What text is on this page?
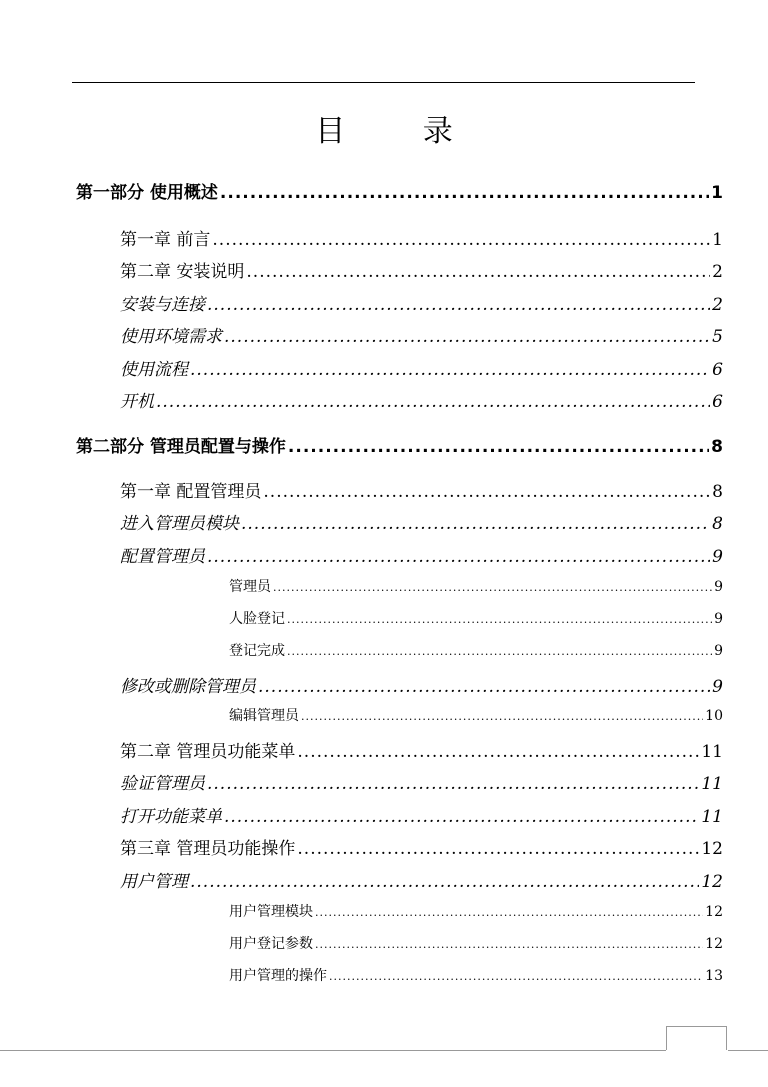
目 录
第一部分 使用概述 .....	1
第一章 前言 .....	1
第二章 安装说明 .....	2
安装与连接 .....	2
使用环境需求 .....	5
使用流程 .....	6
开机 .....	6
第二部分 管理员配置与操作 .....	8
第一章 配置管理员 .....	8
进入管理员模块 .....	8
配置管理员 .....	9
管理员 .....	9
人脸登记 .....	9
登记完成 .....	9
修改或删除管理员 .....	9
编辑管理员 .....	10
第二章 管理员功能菜单 .....	11
验证管理员 .....	11
打开功能菜单 .....	11
第三章 管理员功能操作 .....	12
用户管理 .....	12
用户管理模块 .....	12
用户登记参数 .....	12
用户管理的操作 .....	13
